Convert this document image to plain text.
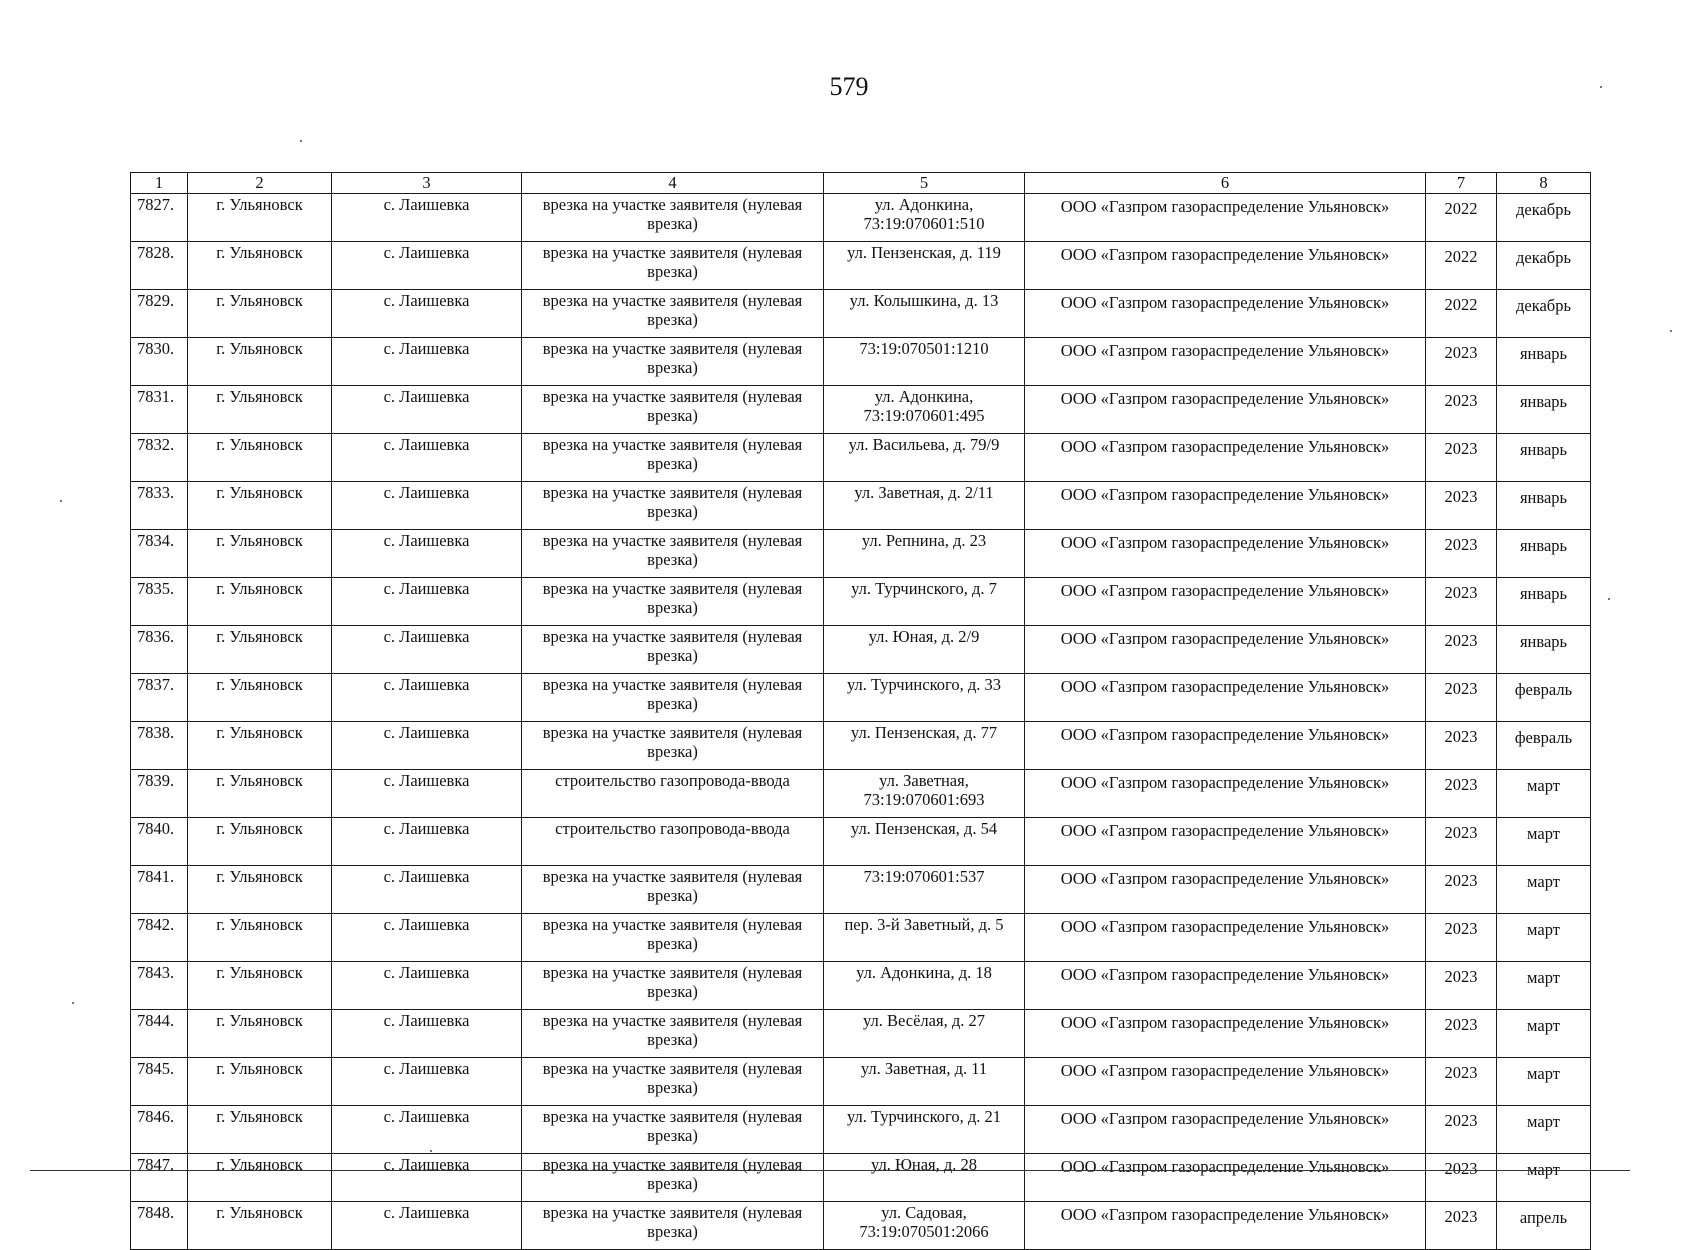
579
1	2	3	4	5	6	7	8
7827.	г. Ульяновск	с. Лаишевка	врезка на участке заявителя (нулевая врезка)	ул. Адонкина, 73:19:070601:510	ООО «Газпром газораспределение Ульяновск»	2022	декабрь
7828.	г. Ульяновск	с. Лаишевка	врезка на участке заявителя (нулевая врезка)	ул. Пензенская, д. 119	ООО «Газпром газораспределение Ульяновск»	2022	декабрь
7829.	г. Ульяновск	с. Лаишевка	врезка на участке заявителя (нулевая врезка)	ул. Колышкина, д. 13	ООО «Газпром газораспределение Ульяновск»	2022	декабрь
7830.	г. Ульяновск	с. Лаишевка	врезка на участке заявителя (нулевая врезка)	73:19:070501:1210	ООО «Газпром газораспределение Ульяновск»	2023	январь
7831.	г. Ульяновск	с. Лаишевка	врезка на участке заявителя (нулевая врезка)	ул. Адонкина, 73:19:070601:495	ООО «Газпром газораспределение Ульяновск»	2023	январь
7832.	г. Ульяновск	с. Лаишевка	врезка на участке заявителя (нулевая врезка)	ул. Васильева, д. 79/9	ООО «Газпром газораспределение Ульяновск»	2023	январь
7833.	г. Ульяновск	с. Лаишевка	врезка на участке заявителя (нулевая врезка)	ул. Заветная, д. 2/11	ООО «Газпром газораспределение Ульяновск»	2023	январь
7834.	г. Ульяновск	с. Лаишевка	врезка на участке заявителя (нулевая врезка)	ул. Репнина, д. 23	ООО «Газпром газораспределение Ульяновск»	2023	январь
7835.	г. Ульяновск	с. Лаишевка	врезка на участке заявителя (нулевая врезка)	ул. Турчинского, д. 7	ООО «Газпром газораспределение Ульяновск»	2023	январь
7836.	г. Ульяновск	с. Лаишевка	врезка на участке заявителя (нулевая врезка)	ул. Юная, д. 2/9	ООО «Газпром газораспределение Ульяновск»	2023	январь
7837.	г. Ульяновск	с. Лаишевка	врезка на участке заявителя (нулевая врезка)	ул. Турчинского, д. 33	ООО «Газпром газораспределение Ульяновск»	2023	февраль
7838.	г. Ульяновск	с. Лаишевка	врезка на участке заявителя (нулевая врезка)	ул. Пензенская, д. 77	ООО «Газпром газораспределение Ульяновск»	2023	февраль
7839.	г. Ульяновск	с. Лаишевка	строительство газопровода-ввода	ул. Заветная, 73:19:070601:693	ООО «Газпром газораспределение Ульяновск»	2023	март
7840.	г. Ульяновск	с. Лаишевка	строительство газопровода-ввода	ул. Пензенская, д. 54	ООО «Газпром газораспределение Ульяновск»	2023	март
7841.	г. Ульяновск	с. Лаишевка	врезка на участке заявителя (нулевая врезка)	73:19:070601:537	ООО «Газпром газораспределение Ульяновск»	2023	март
7842.	г. Ульяновск	с. Лаишевка	врезка на участке заявителя (нулевая врезка)	пер. 3-й Заветный, д. 5	ООО «Газпром газораспределение Ульяновск»	2023	март
7843.	г. Ульяновск	с. Лаишевка	врезка на участке заявителя (нулевая врезка)	ул. Адонкина, д. 18	ООО «Газпром газораспределение Ульяновск»	2023	март
7844.	г. Ульяновск	с. Лаишевка	врезка на участке заявителя (нулевая врезка)	ул. Весёлая, д. 27	ООО «Газпром газораспределение Ульяновск»	2023	март
7845.	г. Ульяновск	с. Лаишевка	врезка на участке заявителя (нулевая врезка)	ул. Заветная, д. 11	ООО «Газпром газораспределение Ульяновск»	2023	март
7846.	г. Ульяновск	с. Лаишевка	врезка на участке заявителя (нулевая врезка)	ул. Турчинского, д. 21	ООО «Газпром газораспределение Ульяновск»	2023	март
7847.	г. Ульяновск	с. Лаишевка	врезка на участке заявителя (нулевая врезка)	ул. Юная, д. 28	ООО «Газпром газораспределение Ульяновск»	2023	март
7848.	г. Ульяновск	с. Лаишевка	врезка на участке заявителя (нулевая врезка)	ул. Садовая, 73:19:070501:2066	ООО «Газпром газораспределение Ульяновск»	2023	апрель
